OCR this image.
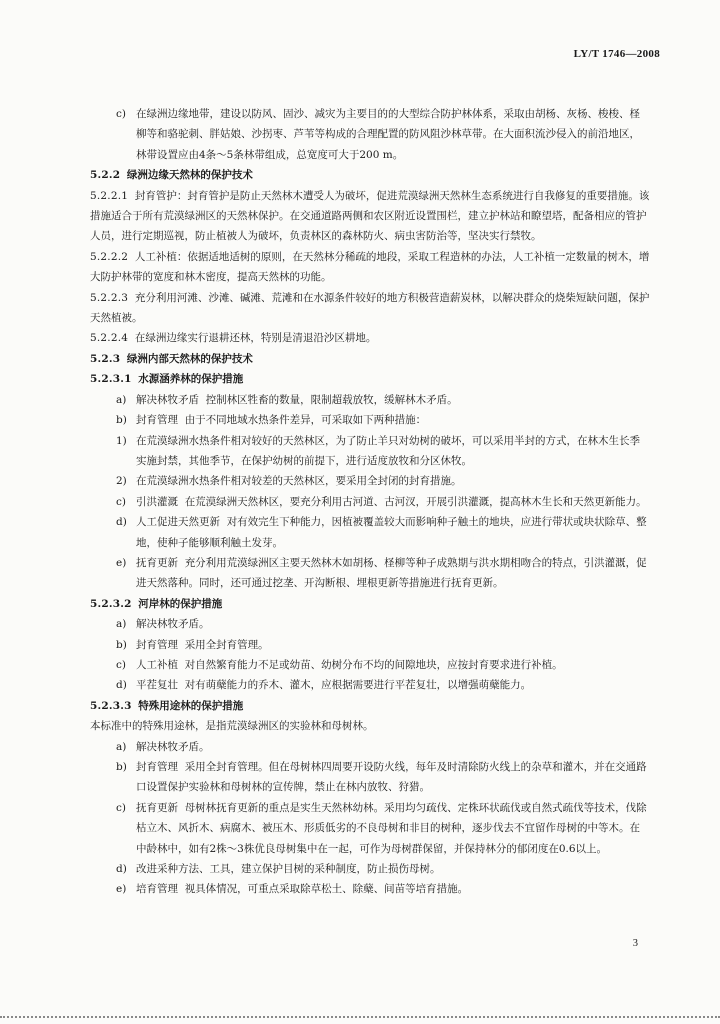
LY/T 1746—2008

c) 在绿洲边缘地带，建设以防风、固沙、减灾为主要目的的大型综合防护林体系，采取由胡杨、灰杨、梭梭、柽柳等和骆驼刺、胖姑娘、沙拐枣、芦苇等构成的合理配置的防风阻沙林草带。在大面积流沙侵入的前沿地区，林带设置应由4条～5条林带组成，总宽度可大于200 m。

5.2.2 绿洲边缘天然林的保护技术

5.2.2.1 封育管护：封育管护是防止天然林木遭受人为破坏，促进荒漠绿洲天然林生态系统进行自我修复的重要措施。该措施适合于所有荒漠绿洲区的天然林保护。在交通道路两侧和农区附近设置围栏，建立护林站和瞭望塔，配备相应的管护人员，进行定期巡视，防止植被人为破坏，负责林区的森林防火、病虫害防治等，坚决实行禁牧。

5.2.2.2 人工补植：依据适地适树的原则，在天然林分稀疏的地段，采取工程造林的办法，人工补植一定数量的树木，增大防护林带的宽度和林木密度，提高天然林的功能。

5.2.2.3 充分利用河滩、沙滩、碱滩、荒滩和在水源条件较好的地方积极营造薪炭林，以解决群众的烧柴短缺问题，保护天然植被。

5.2.2.4 在绿洲边缘实行退耕还林，特别是清退沿沙区耕地。

5.2.3 绿洲内部天然林的保护技术

5.2.3.1 水源涵养林的保护措施

a) 解决林牧矛盾 控制林区牲畜的数量，限制超载放牧，缓解林木矛盾。

b) 封育管理 由于不同地域水热条件差异，可采取如下两种措施：

1) 在荒漠绿洲水热条件相对较好的天然林区，为了防止羊只对幼树的破坏，可以采用半封的方式，在林木生长季实施封禁，其他季节，在保护幼树的前提下，进行适度放牧和分区休牧。

2) 在荒漠绿洲水热条件相对较差的天然林区，要采用全封闭的封育措施。

c) 引洪灌溉 在荒漠绿洲天然林区，要充分利用古河道、古河汊，开展引洪灌溉，提高林木生长和天然更新能力。

d) 人工促进天然更新 对有效完生下种能力，因植被覆盖较大而影响种子触土的地块，应进行带状或块状除草、整地，使种子能够顺利触土发芽。

e) 抚育更新 充分利用荒漠绿洲区主要天然林木如胡杨、柽柳等种子成熟期与洪水期相吻合的特点，引洪灌溉，促进天然落种。同时，还可通过挖垄、开沟断根、埋根更新等措施进行抚育更新。

5.2.3.2 河岸林的保护措施

a) 解决林牧矛盾。

b) 封育管理 采用全封育管理。

c) 人工补植 对自然繁育能力不足或幼苗、幼树分布不均的间隙地块，应按封育要求进行补植。

d) 平茬复壮 对有萌蘖能力的乔木、灌木，应根据需要进行平茬复壮，以增强萌蘖能力。

5.2.3.3 特殊用途林的保护措施

本标准中的特殊用途林，是指荒漠绿洲区的实验林和母树林。

a) 解决林牧矛盾。

b) 封育管理 采用全封育管理。但在母树林四周要开设防火线，每年及时清除防火线上的杂草和灌木，并在交通路口设置保护实验林和母树林的宣传牌，禁止在林内放牧、狩猎。

c) 抚育更新 母树林抚育更新的重点是实生天然林幼林。采用均匀疏伐、定株环状疏伐或自然式疏伐等技术，伐除枯立木、风折木、病腐木、被压木、形质低劣的不良母树和非目的树种，逐步伐去不宜留作母树的中等木。在中龄林中，如有2株～3株优良母树集中在一起，可作为母树群保留，并保持林分的郁闭度在0.6以上。

d) 改进采种方法、工具，建立保护目树的采种制度，防止损伤母树。

e) 培育管理 视具体情况，可重点采取除草松土、除蘖、间苗等培育措施。

3
